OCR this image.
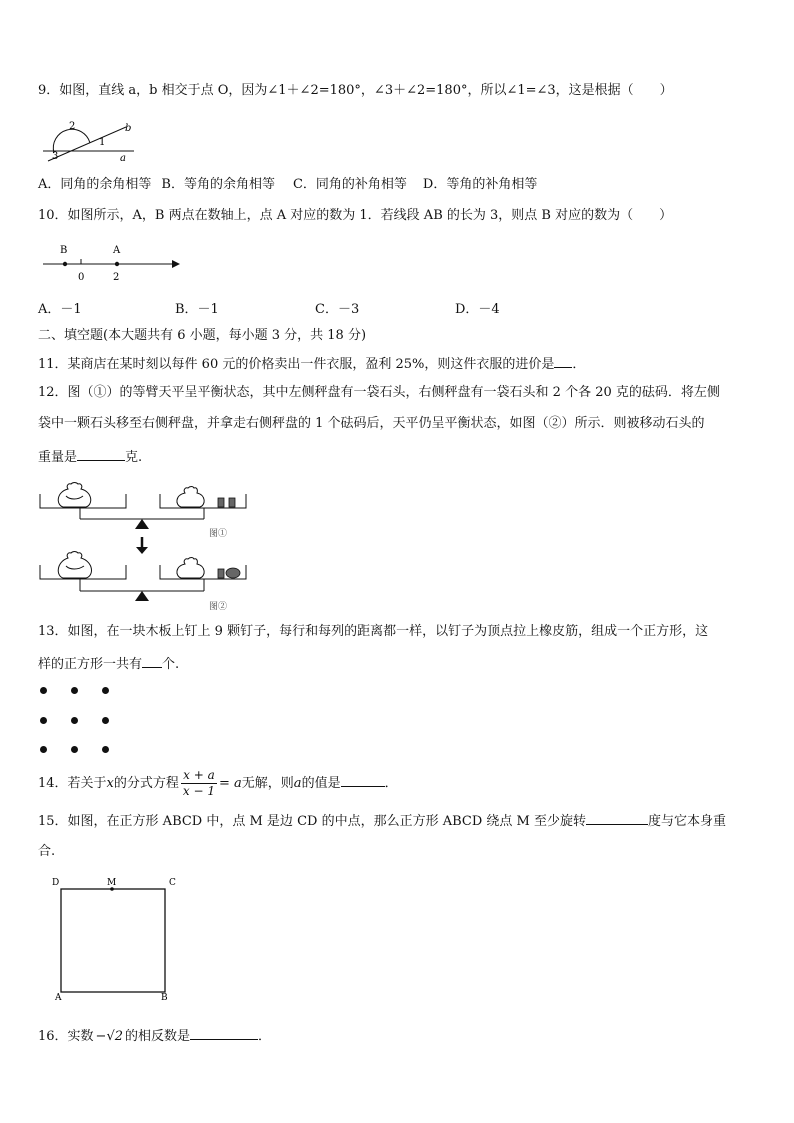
9．如图，直线 a，b 相交于点 O，因为∠1＋∠2=180°，∠3＋∠2=180°，所以∠1=∠3，这是根据（　　）
2
1
3
b
a
A．同角的余角相等 B．等角的余角相等 C．同角的补角相等 D．等角的补角相等
10．如图所示，A，B 两点在数轴上，点 A 对应的数为 1．若线段 AB 的长为 3，则点 B 对应的数为（　　）
B	A
0	2
A．－1	B．－1	C．－3	D．－4
二、填空题(本大题共有 6 小题，每小题 3 分，共 18 分)
11．某商店在某时刻以每件 60 元的价格卖出一件衣服，盈利 25%，则这件衣服的进价是 ．
12．图（①）的等臂天平呈平衡状态，其中左侧秤盘有一袋石头，右侧秤盘有一袋石头和 2 个各 20 克的砝码．将左侧
袋中一颗石头移至右侧秤盘，并拿走右侧秤盘的 1 个砝码后，天平仍呈平衡状态，如图（②）所示．则被移动石头的
重量是	克.
图①
图②
13．如图，在一块木板上钉上 9 颗钉子，每行和每列的距离都一样，以钉子为顶点拉上橡皮筋，组成一个正方形，这
样的正方形一共有 个.
14．若关于x的分式方程 $\frac{x + a}{x - 1} = a$无解，则a的值是	．
15．如图，在正方形 ABCD 中，点 M 是边 CD 的中点，那么正方形 ABCD 绕点 M 至少旋转	度与它本身重
合.
D	M	C
A	B
16．实数 −√2 的相反数是	．
